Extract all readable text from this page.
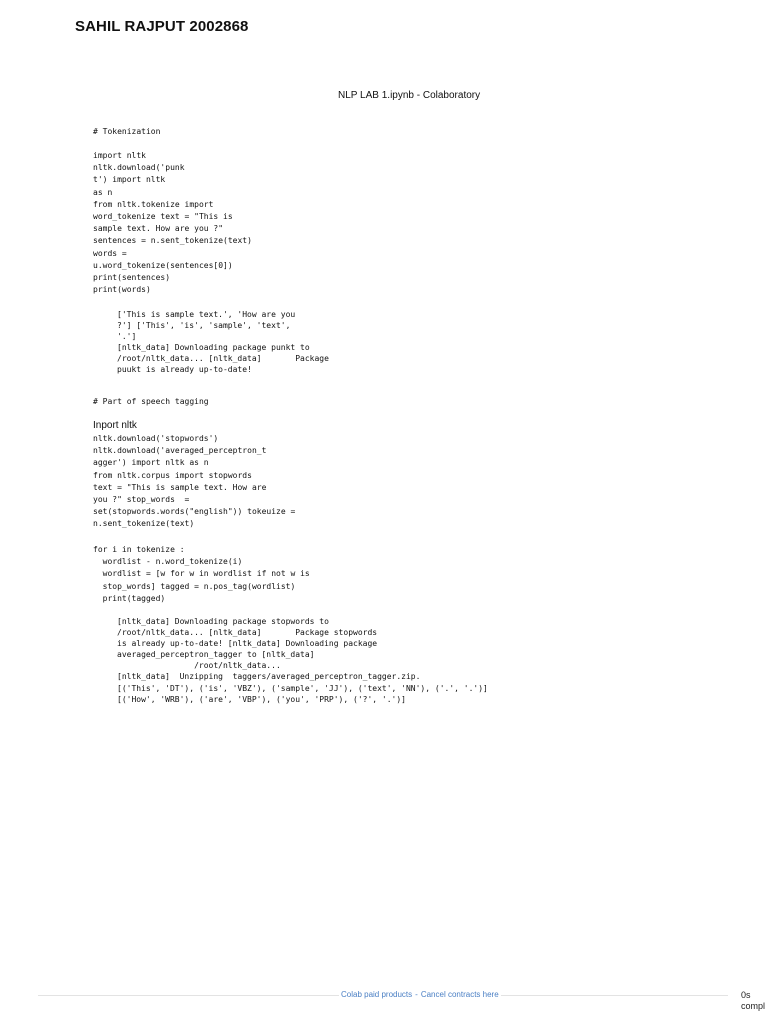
SAHIL RAJPUT 2002868
NLP LAB 1.ipynb - Colaboratory
# Tokenization
import nltk
nltk.download('punk
t') import nltk
as n
from nltk.tokenize import
word_tokenize text = "This is
sample text. How are you ?"
sentences = n.sent_tokenize(text)
words =
u.word_tokenize(sentences[0])
print(sentences)
print(words)
['This is sample text.', 'How are you
?'] ['This', 'is', 'sample', 'text',
'.']
[nltk_data] Downloading package punkt to
/root/nltk_data... [nltk_data]       Package
puukt is already up-to-date!
# Part of speech tagging
Inport nltk
nltk.download('stopwords')
nltk.download('averaged_perceptron_t
agger') import nltk as n
from nltk.corpus import stopwords
text = "This is sample text. How are
you ?" stop_words  =
set(stopwords.words("english")) tokeuize =
n.sent_tokenize(text)
for i in tokenize :
wordlist - n.word_tokenize(i)
wordlist = [w for w in wordlist if not w is
stop_words] tagged = n.pos_tag(wordlist)
print(tagged)
[nltk_data] Downloading package stopwords to
/root/nltk_data... [nltk_data]       Package stopwords
is already up-to-date! [nltk_data] Downloading package
averaged_perceptron_tagger to [nltk_data]
/root/nltk_data...
[nltk_data]  Unzipping  taggers/averaged_perceptron_tagger.zip.
[('This', 'DT'), ('is', 'VBZ'), ('sample', 'JJ'), ('text', 'NN'), ('.', '.')]
[('How', 'WRB'), ('are', 'VBP'), ('you', 'PRP'), ('?', '.')]
Colab paid products - Cancel contracts here	0s
compl
